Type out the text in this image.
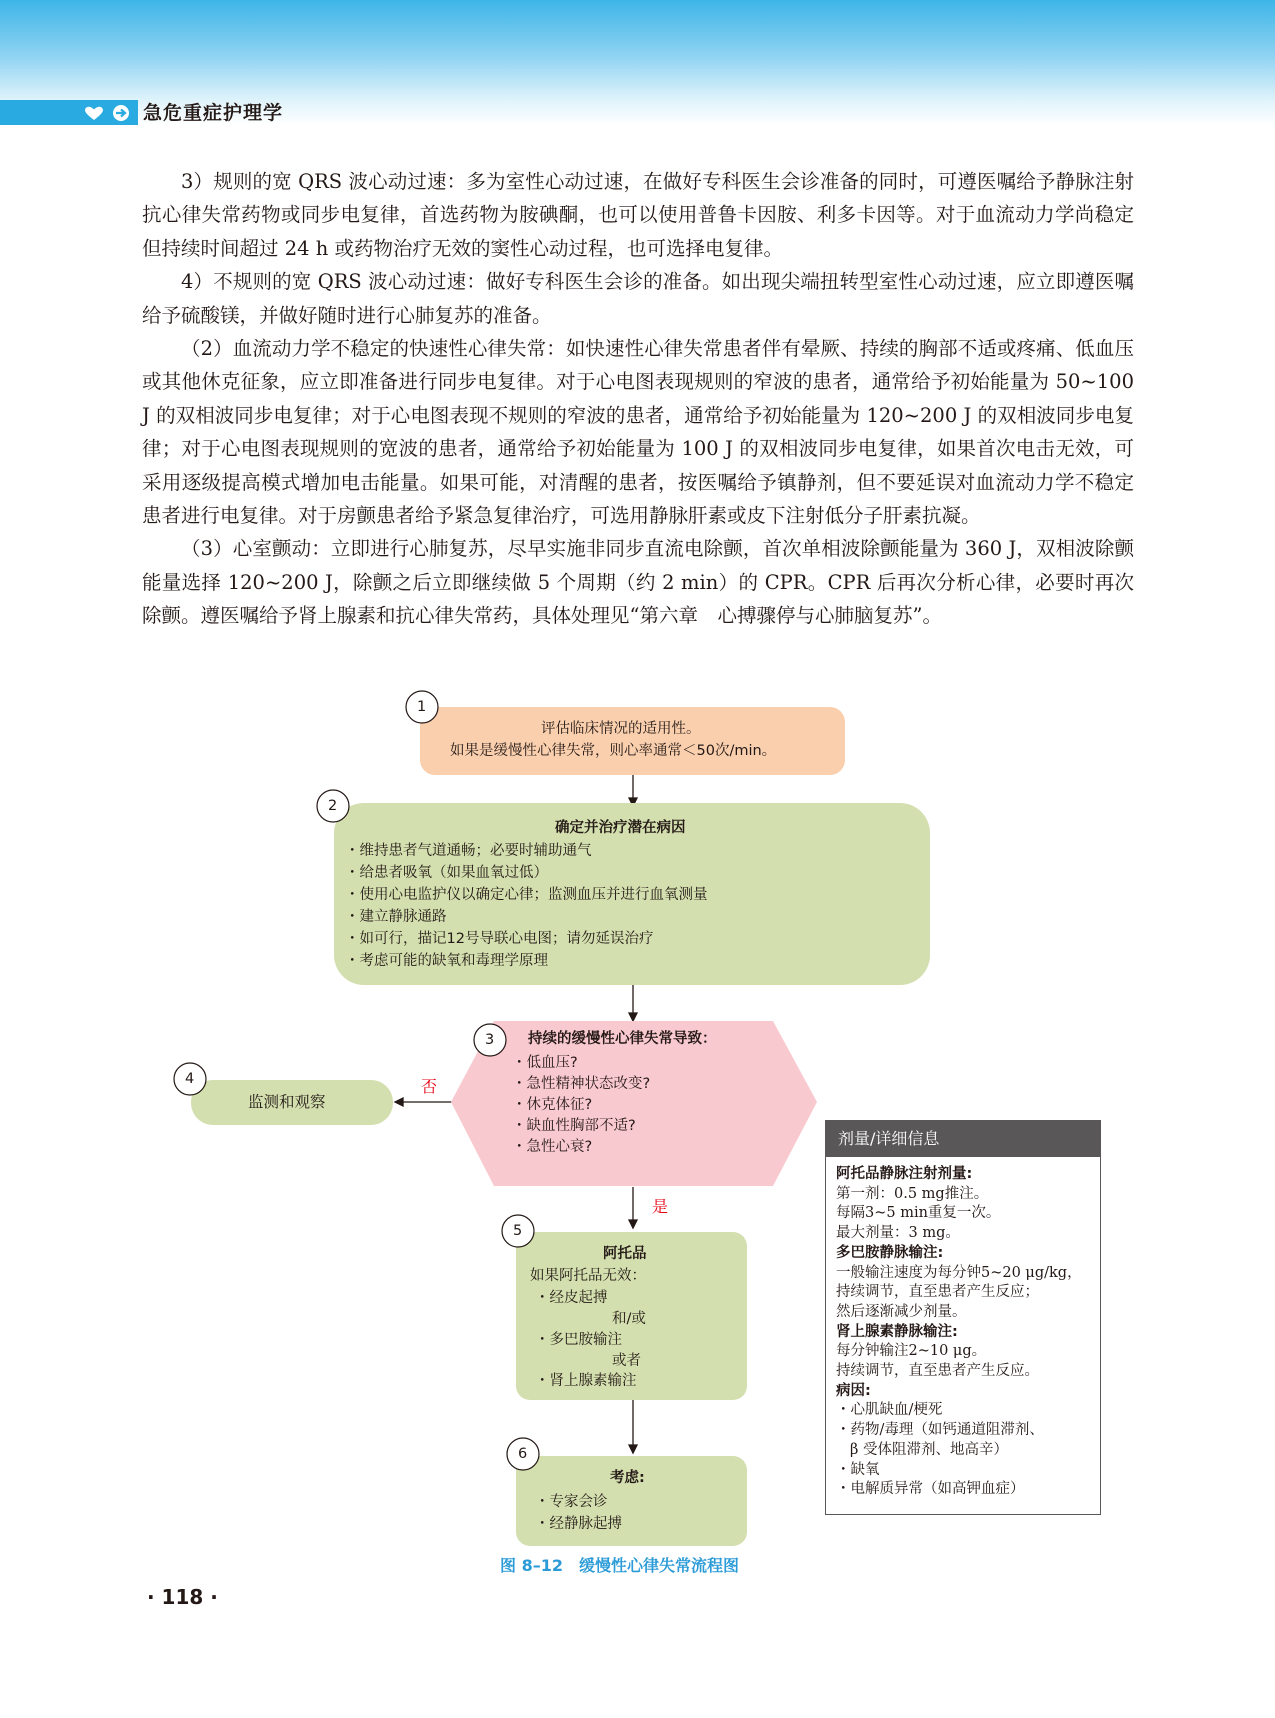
急危重症护理学

3）规则的宽 QRS 波心动过速：多为室性心动过速，在做好专科医生会诊准备的同时，可遵医嘱给予静脉注射抗心律失常药物或同步电复律，首选药物为胺碘酮，也可以使用普鲁卡因胺、利多卡因等。对于血流动力学尚稳定但持续时间超过 24 h 或药物治疗无效的窦性心动过程，也可选择电复律。

4）不规则的宽 QRS 波心动过速：做好专科医生会诊的准备。如出现尖端扭转型室性心动过速，应立即遵医嘱给予硫酸镁，并做好随时进行心肺复苏的准备。

（2）血流动力学不稳定的快速性心律失常：如快速性心律失常患者伴有晕厥、持续的胸部不适或疼痛、低血压或其他休克征象，应立即准备进行同步电复律。对于心电图表现规则的窄波的患者，通常给予初始能量为 50~100 J 的双相波同步电复律；对于心电图表现不规则的窄波的患者，通常给予初始能量为 120~200 J 的双相波同步电复律；对于心电图表现规则的宽波的患者，通常给予初始能量为 100 J 的双相波同步电复律，如果首次电击无效，可采用逐级提高模式增加电击能量。如果可能，对清醒的患者，按医嘱给予镇静剂，但不要延误对血流动力学不稳定患者进行电复律。对于房颤患者给予紧急复律治疗，可选用静脉肝素或皮下注射低分子肝素抗凝。

（3）心室颤动：立即进行心肺复苏，尽早实施非同步直流电除颤，首次单相波除颤能量为 360 J，双相波除颤能量选择 120~200 J，除颤之后立即继续做 5 个周期（约 2 min）的 CPR。CPR 后再次分析心律，必要时再次除颤。遵医嘱给予肾上腺素和抗心律失常药，具体处理见“第六章　心搏骤停与心肺脑复苏”。

1
2
3
4
5
6
评估临床情况的适用性。
如果是缓慢性心律失常，则心率通常＜50次/min。
确定并治疗潜在病因
・维持患者气道通畅；必要时辅助通气
・给患者吸氧（如果血氧过低）
・使用心电监护仪以确定心律；监测血压并进行血氧测量
・建立静脉通路
・如可行，描记12号导联心电图；请勿延误治疗
・考虑可能的缺氧和毒理学原理
持续的缓慢性心律失常导致：
・低血压?
・急性精神状态改变?
・休克体征?
・缺血性胸部不适?
・急性心衰?
监测和观察
否
是
阿托品
如果阿托品无效：
・经皮起搏
和/或
・多巴胺输注
或者
・肾上腺素输注
考虑:
・专家会诊
・经静脉起搏
剂量/详细信息
阿托品静脉注射剂量:
第一剂：0.5 mg推注。
每隔3~5 min重复一次。
最大剂量：3 mg。
多巴胺静脉输注:
一般输注速度为每分钟5~20 μg/kg，
持续调节，直至患者产生反应；
然后逐渐减少剂量。
肾上腺素静脉输注:
每分钟输注2~10 μg。
持续调节，直至患者产生反应。
病因:
・心肌缺血/梗死
・药物/毒理（如钙通道阻滞剂、
β 受体阻滞剂、地高辛）
・缺氧
・电解质异常（如高钾血症）
图 8–12　缓慢性心律失常流程图
· 118 ·
